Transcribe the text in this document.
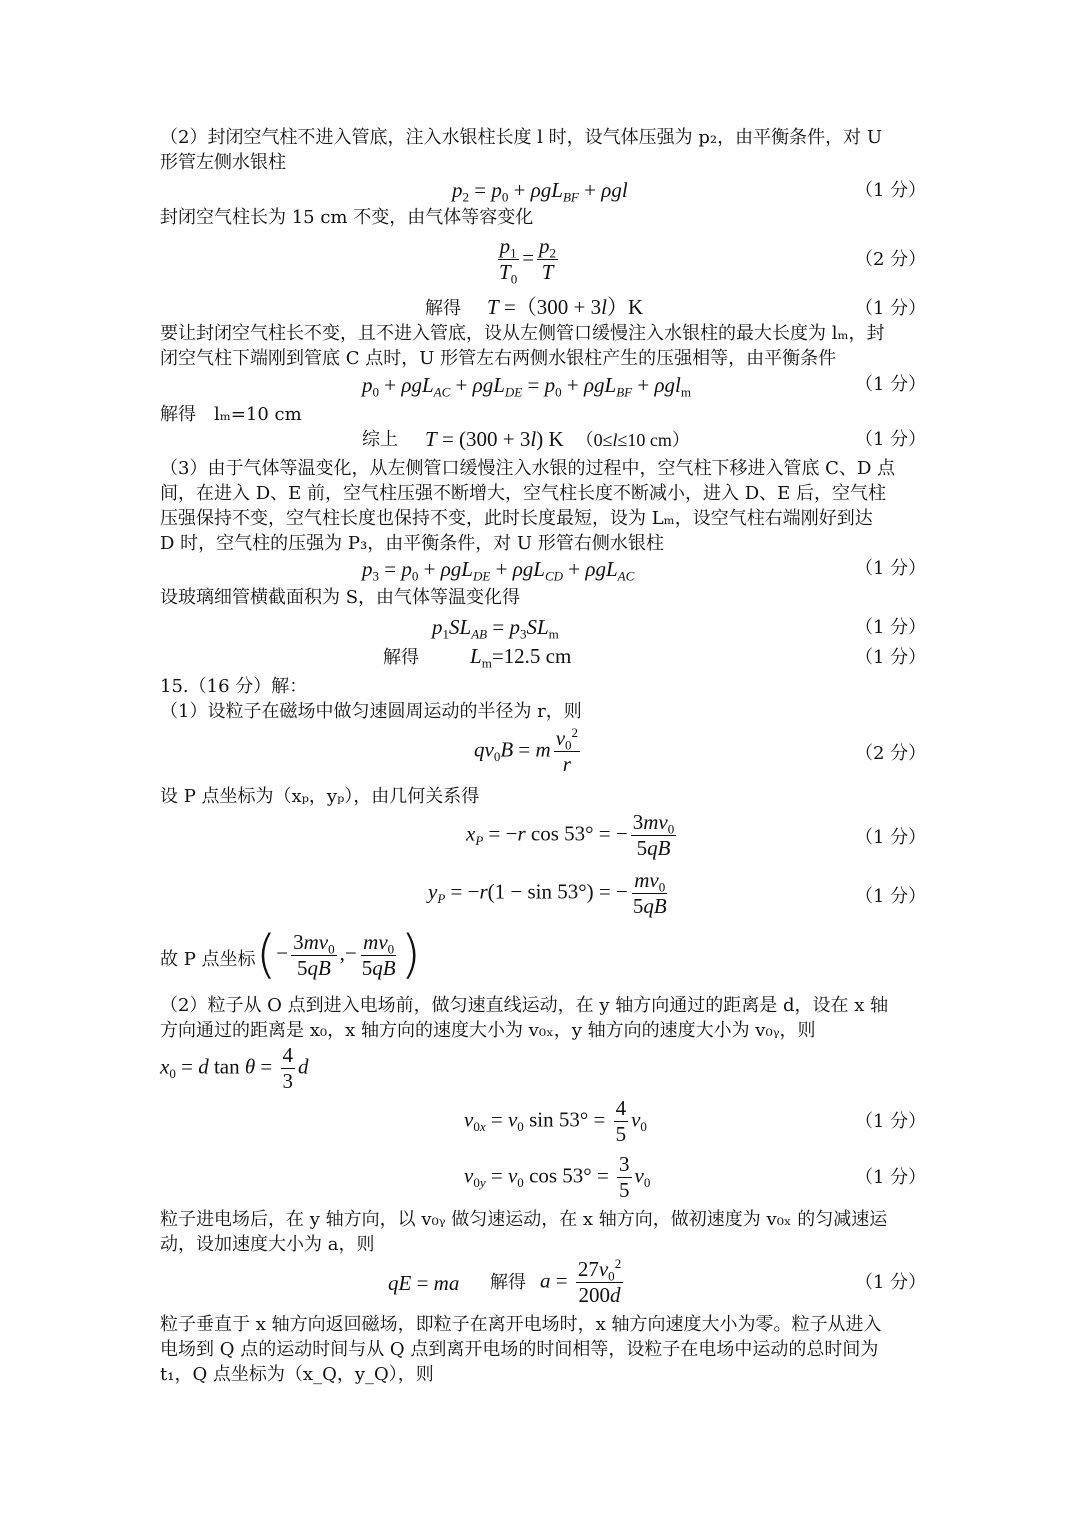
（2）封闭空气柱不进入管底，注入水银柱长度 l 时，设气体压强为 p₂，由平衡条件，对 U
形管左侧水银柱
$p_2 = p_0 + \rho gL_{BF} + \rho gl$	（1 分）
封闭空气柱长为 15 cm 不变，由气体等容变化
$\frac{p_1}{T_0} = \frac{p_2}{T}$	（2 分）
解得 T =（300 + 3l）K	（1 分）
要让封闭空气柱长不变，且不进入管底，设从左侧管口缓慢注入水银柱的最大长度为 lₘ，封
闭空气柱下端刚到管底 C 点时，U 形管左右两侧水银柱产生的压强相等，由平衡条件
$p_0 + \rho gL_{AC} + \rho gL_{DE} = p_0 + \rho gL_{BF} + \rho gl_m$	（1 分）
解得　lₘ=10 cm
综上 T = (300 + 3l) K　（0≤l≤10 cm）	（1 分）
（3）由于气体等温变化，从左侧管口缓慢注入水银的过程中，空气柱下移进入管底 C、D 点
间，在进入 D、E 前，空气柱压强不断增大，空气柱长度不断减小，进入 D、E 后，空气柱
压强保持不变，空气柱长度也保持不变，此时长度最短，设为 Lₘ，设空气柱右端刚好到达
D 时，空气柱的压强为 P₃，由平衡条件，对 U 形管右侧水银柱
$p_3 = p_0 + \rho gL_{DE} + \rho gL_{CD} + \rho gL_{AC}$	（1 分）
设玻璃细管横截面积为 S，由气体等温变化得
$p_1SL_{AB} = p_3SL_m$	（1 分）
解得 $L_m=12.5$ cm	（1 分）
15.（16 分）解：
（1）设粒子在磁场中做匀速圆周运动的半径为 r，则
$qv_0B = m \frac{v_0^2}{r}$	（2 分）
设 P 点坐标为（xₚ，yₚ），由几何关系得
$x_P = -r$ cos 53° = − $\frac{3mv_0}{5qB}$	（1 分）
$y_P = -r(1 - \sin 53^\circ)$ = − $\frac{mv_0}{5qB}$	（1 分）
故 P 点坐标 (− $\frac{3mv_0}{5qB}$ ,− $\frac{mv_0}{5qB}$ )
（2）粒子从 O 点到进入电场前，做匀速直线运动，在 y 轴方向通过的距离是 d，设在 x 轴
方向通过的距离是 x₀，x 轴方向的速度大小为 v₀ₓ，y 轴方向的速度大小为 v₀ᵧ，则
$x_0 = d$ $\tan \theta = \frac{4}{3}$ d
$v_{0x} = v_0$ $\sin 53^\circ = \frac{4}{5} v_0$	（1 分）
$v_{0y} = v_0$ $\cos 53^\circ = \frac{3}{5} v_0$	（1 分）
粒子进电场后，在 y 轴方向，以 v₀ᵧ 做匀速运动，在 x 轴方向，做初速度为 v₀ₓ 的匀减速运
动，设加速度大小为 a，则
qE = ma 解得 $a = \frac{27v_0^2}{200d}$	（1 分）
粒子垂直于 x 轴方向返回磁场，即粒子在离开电场时，x 轴方向速度大小为零。粒子从进入
电场到 Q 点的运动时间与从 Q 点到离开电场的时间相等，设粒子在电场中运动的总时间为
t₁，Q 点坐标为（x_Q，y_Q），则
